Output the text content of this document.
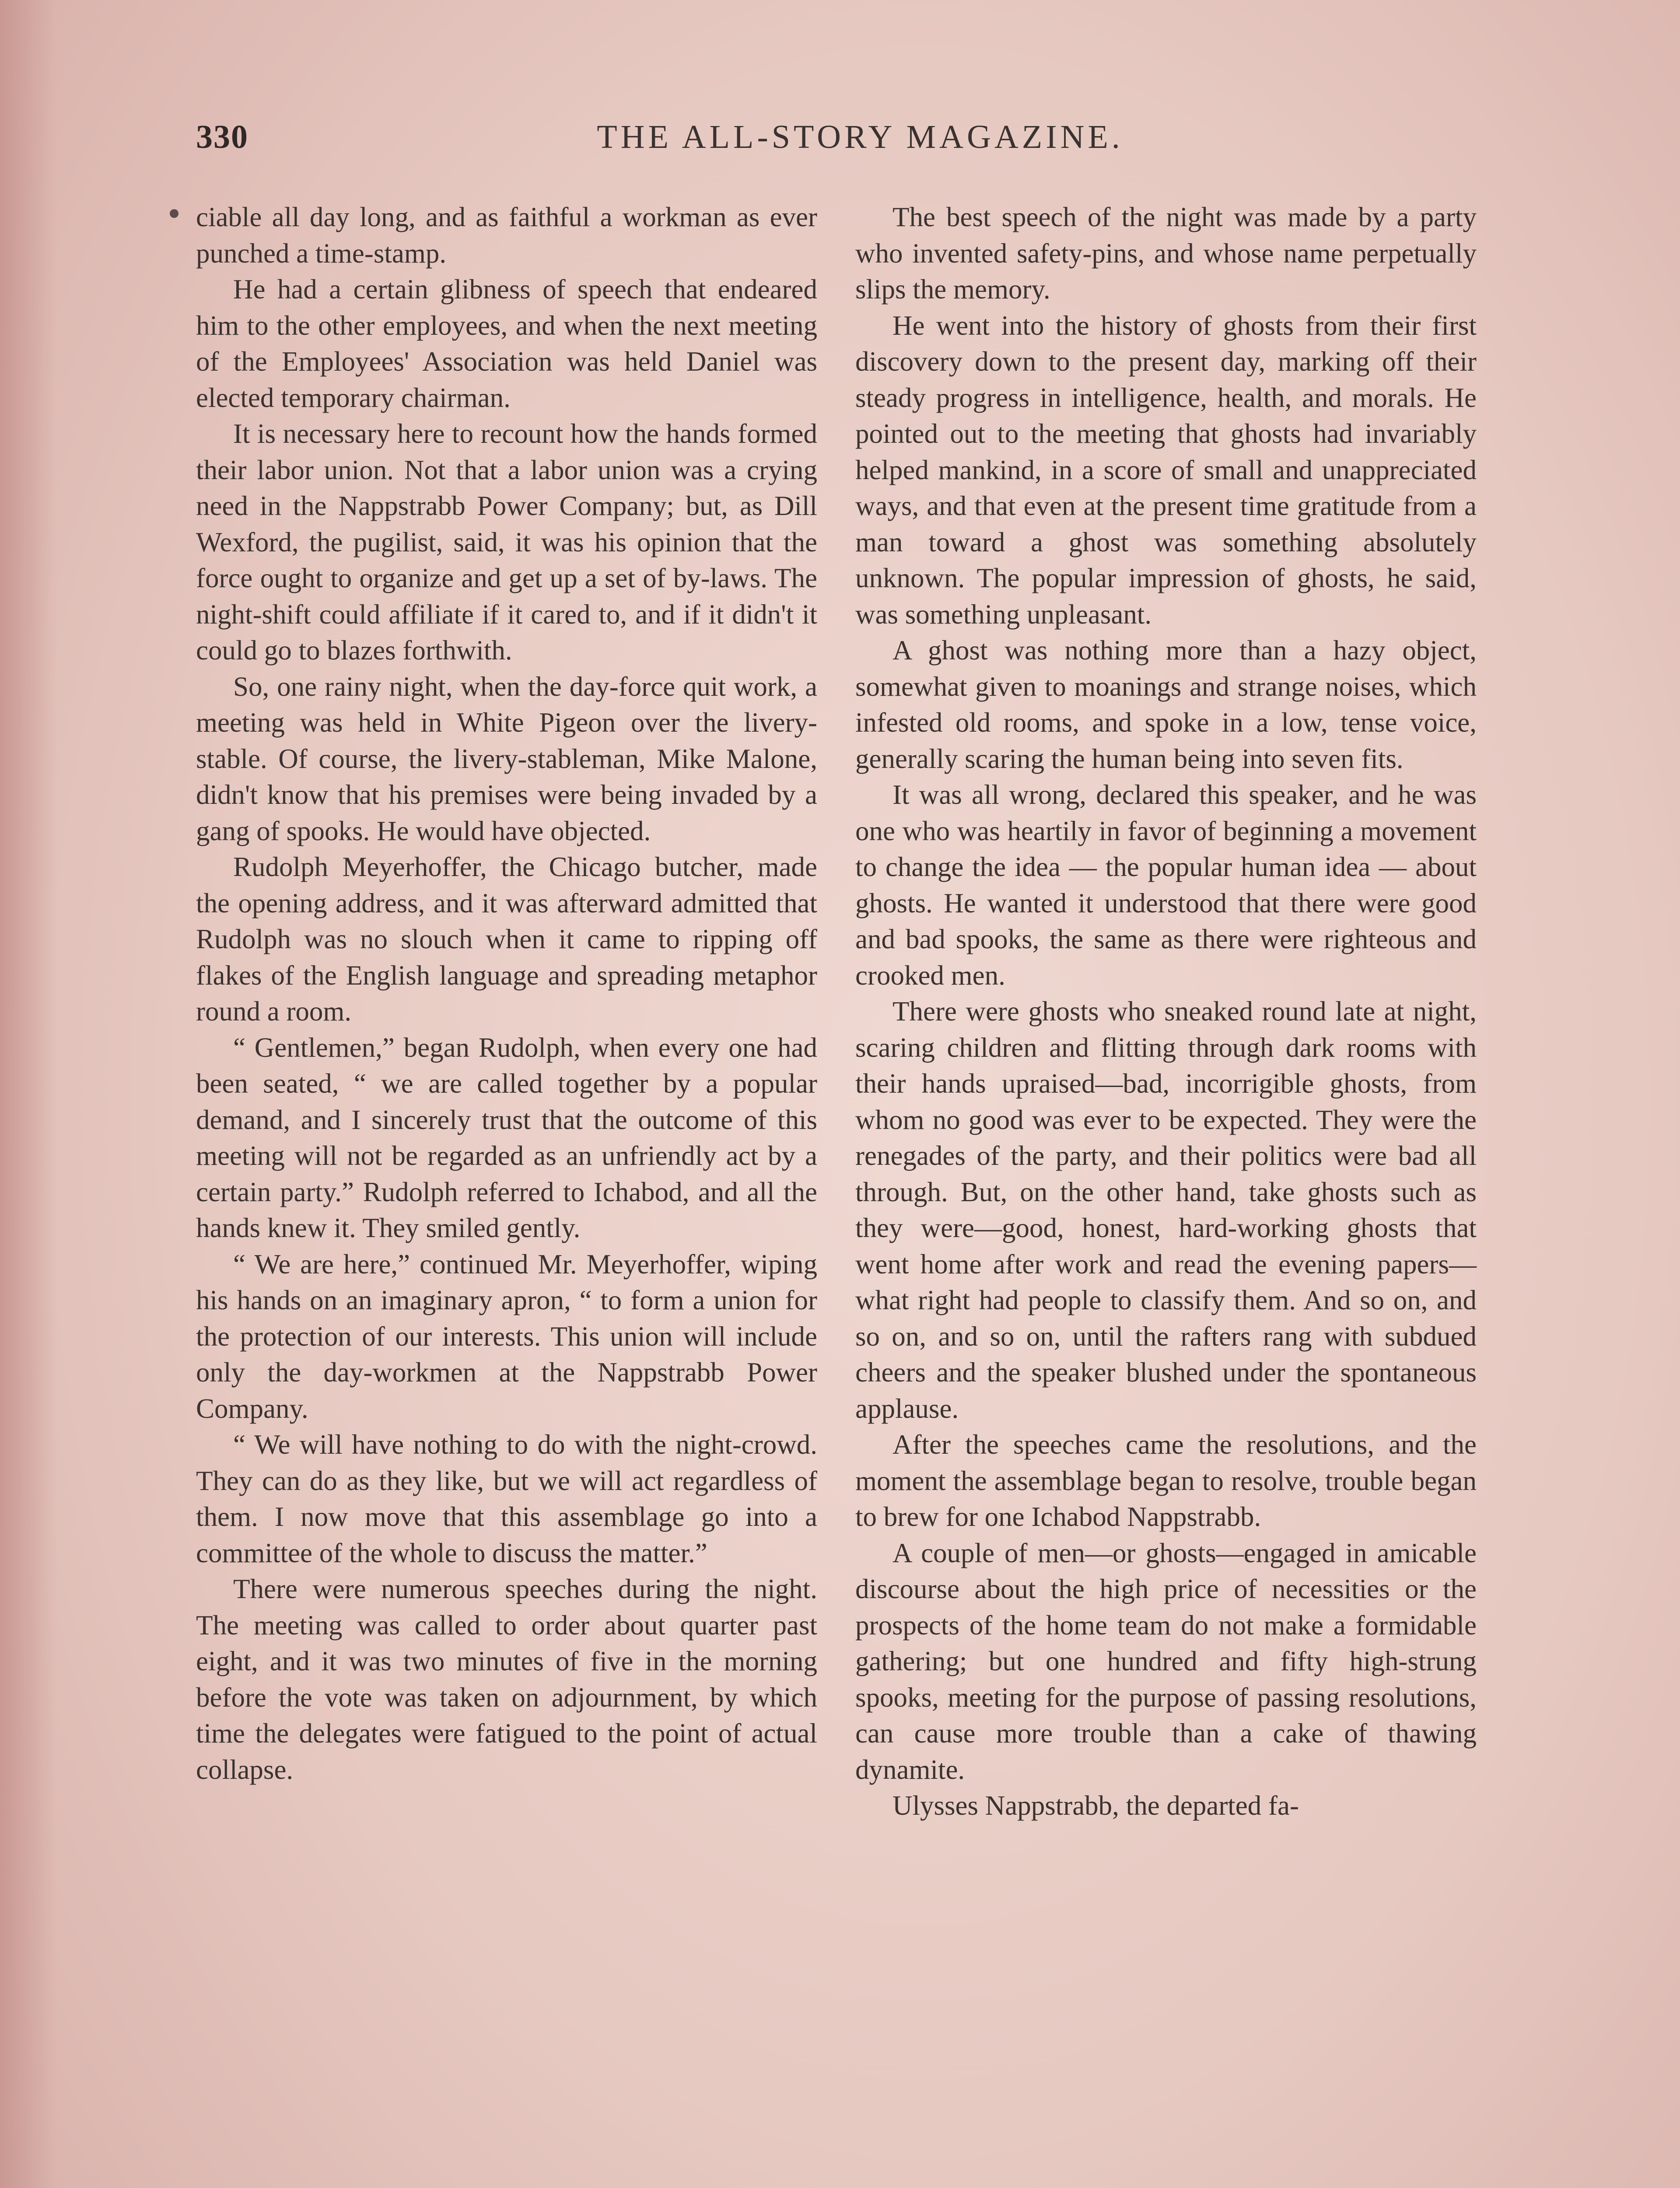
330	THE ALL-STORY MAGAZINE.

ciable all day long, and as faithful a workman as ever punched a time-stamp.

He had a certain glibness of speech that endeared him to the other employees, and when the next meeting of the Employees' Association was held Daniel was elected temporary chairman.

It is necessary here to recount how the hands formed their labor union. Not that a labor union was a crying need in the Nappstrabb Power Company; but, as Dill Wexford, the pugilist, said, it was his opinion that the force ought to organize and get up a set of by-laws. The night-shift could affiliate if it cared to, and if it didn't it could go to blazes forthwith.

So, one rainy night, when the day-force quit work, a meeting was held in White Pigeon over the livery-stable. Of course, the livery-stableman, Mike Malone, didn't know that his premises were being invaded by a gang of spooks. He would have objected.

Rudolph Meyerhoffer, the Chicago butcher, made the opening address, and it was afterward admitted that Rudolph was no slouch when it came to ripping off flakes of the English language and spreading metaphor round a room.

“ Gentlemen,” began Rudolph, when every one had been seated, “ we are called together by a popular demand, and I sincerely trust that the outcome of this meeting will not be regarded as an unfriendly act by a certain party.” Rudolph referred to Ichabod, and all the hands knew it. They smiled gently.

“ We are here,” continued Mr. Meyerhoffer, wiping his hands on an imaginary apron, “ to form a union for the protection of our interests. This union will include only the day-workmen at the Nappstrabb Power Company.

“ We will have nothing to do with the night-crowd. They can do as they like, but we will act regardless of them. I now move that this assemblage go into a committee of the whole to discuss the matter.”

There were numerous speeches during the night. The meeting was called to order about quarter past eight, and it was two minutes of five in the morning before the vote was taken on adjournment, by which time the delegates were fatigued to the point of actual collapse.

The best speech of the night was made by a party who invented safety-pins, and whose name perpetually slips the memory.

He went into the history of ghosts from their first discovery down to the present day, marking off their steady progress in intelligence, health, and morals. He pointed out to the meeting that ghosts had invariably helped mankind, in a score of small and unappreciated ways, and that even at the present time gratitude from a man toward a ghost was something absolutely unknown. The popular impression of ghosts, he said, was something unpleasant.

A ghost was nothing more than a hazy object, somewhat given to moanings and strange noises, which infested old rooms, and spoke in a low, tense voice, generally scaring the human being into seven fits.

It was all wrong, declared this speaker, and he was one who was heartily in favor of beginning a movement to change the idea — the popular human idea — about ghosts. He wanted it understood that there were good and bad spooks, the same as there were righteous and crooked men.

There were ghosts who sneaked round late at night, scaring children and flitting through dark rooms with their hands upraised—bad, incorrigible ghosts, from whom no good was ever to be expected. They were the renegades of the party, and their politics were bad all through. But, on the other hand, take ghosts such as they were—good, honest, hard-working ghosts that went home after work and read the evening papers—what right had people to classify them. And so on, and so on, and so on, until the rafters rang with subdued cheers and the speaker blushed under the spontaneous applause.

After the speeches came the resolutions, and the moment the assemblage began to resolve, trouble began to brew for one Ichabod Nappstrabb.

A couple of men—or ghosts—engaged in amicable discourse about the high price of necessities or the prospects of the home team do not make a formidable gathering; but one hundred and fifty high-strung spooks, meeting for the purpose of passing resolutions, can cause more trouble than a cake of thawing dynamite.

Ulysses Nappstrabb, the departed fa-
